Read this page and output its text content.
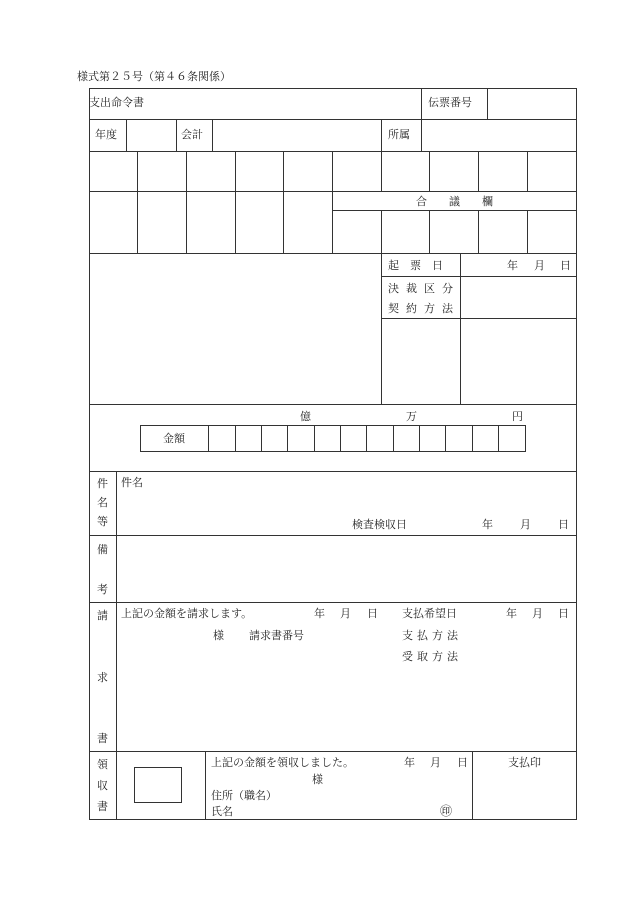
様式第２５号（第４６条関係）
支出命令書	伝票番号
年度	会計	所属
合　　議　　欄
起　票　日	年 月 日
決裁区分
契約方法
億	万	円
金額
件
名
等
件名
検査検収日	年 月 日
備
考
請
求
書
上記の金額を請求します。	年 月 日
様 請求書番号
支払希望日	年 月 日
支払方法
受取方法
領
収
書
上記の金額を領収しました。	年 月 日
様
住所（職名）
氏名	㊞
支払印
